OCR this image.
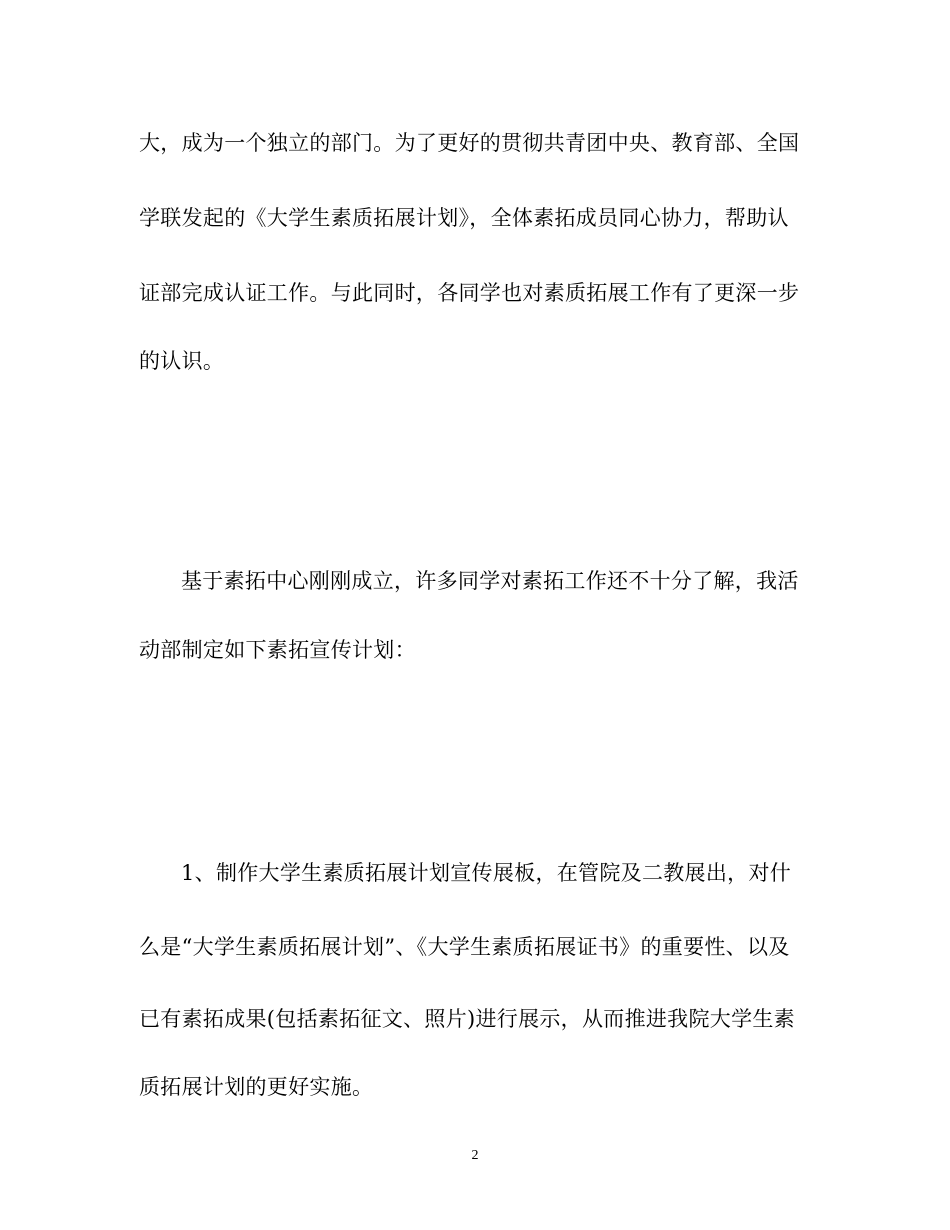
大，成为一个独立的部门。为了更好的贯彻共青团中央、教育部、全国
学联发起的《大学生素质拓展计划》，全体素拓成员同心协力，帮助认
证部完成认证工作。与此同时，各同学也对素质拓展工作有了更深一步
的认识。
基于素拓中心刚刚成立，许多同学对素拓工作还不十分了解，我活
动部制定如下素拓宣传计划：
1、制作大学生素质拓展计划宣传展板，在管院及二教展出，对什
么是“大学生素质拓展计划”、《大学生素质拓展证书》的重要性、以及
已有素拓成果(包括素拓征文、照片)进行展示，从而推进我院大学生素
质拓展计划的更好实施。
2
